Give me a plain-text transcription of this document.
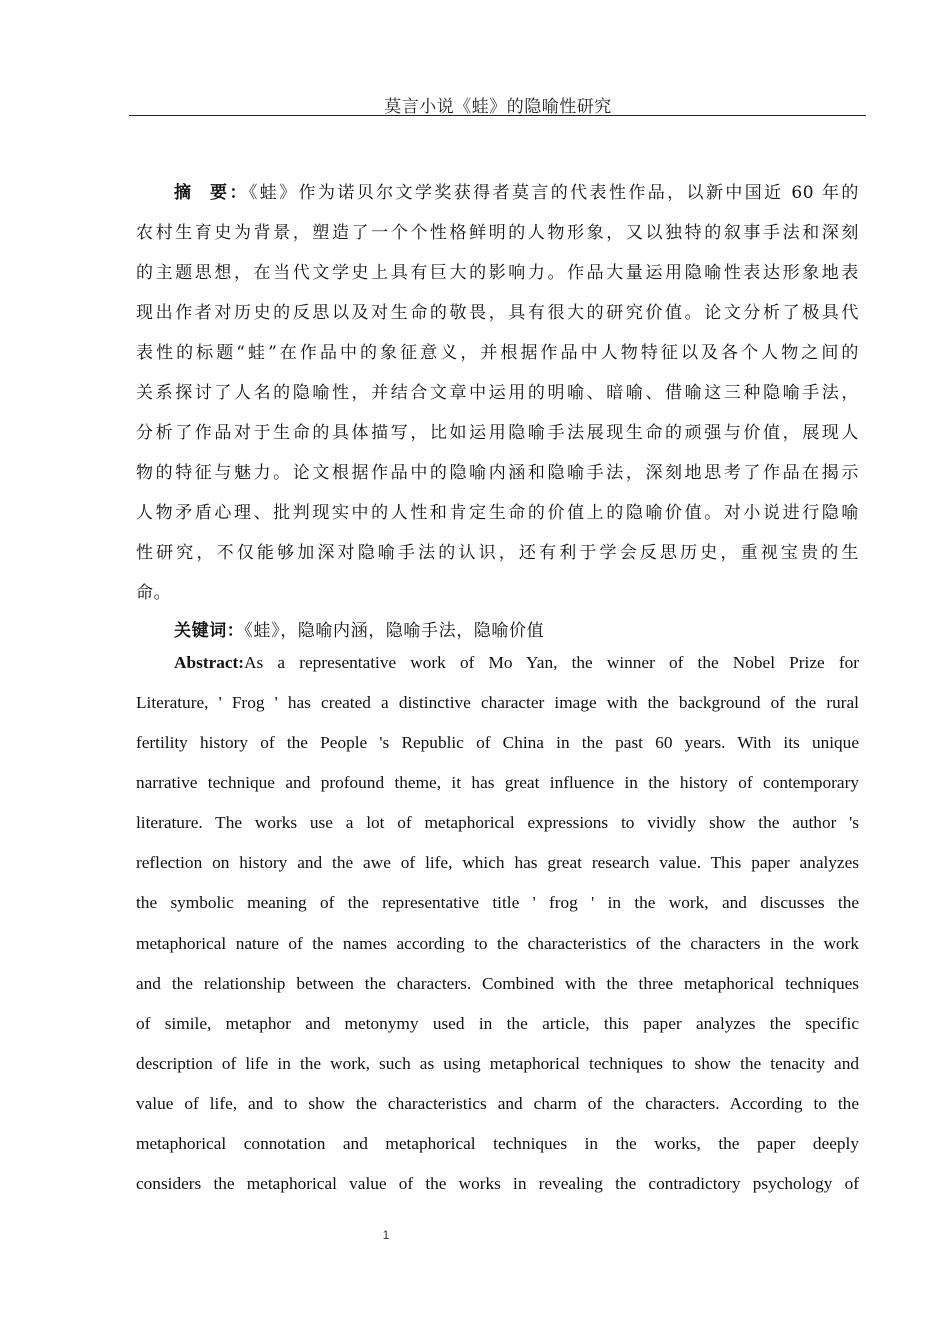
莫言小说《蛙》的隐喻性研究
摘  要：《蛙》作为诺贝尔文学奖获得者莫言的代表性作品，以新中国近 60 年的
农村生育史为背景，塑造了一个个性格鲜明的人物形象，又以独特的叙事手法和深刻
的主题思想，在当代文学史上具有巨大的影响力。作品大量运用隐喻性表达形象地表
现出作者对历史的反思以及对生命的敬畏，具有很大的研究价值。论文分析了极具代
表性的标题“蛙”在作品中的象征意义，并根据作品中人物特征以及各个人物之间的
关系探讨了人名的隐喻性，并结合文章中运用的明喻、暗喻、借喻这三种隐喻手法，
分析了作品对于生命的具体描写，比如运用隐喻手法展现生命的顽强与价值，展现人
物的特征与魅力。论文根据作品中的隐喻内涵和隐喻手法，深刻地思考了作品在揭示
人物矛盾心理、批判现实中的人性和肯定生命的价值上的隐喻价值。对小说进行隐喻
性研究，不仅能够加深对隐喻手法的认识，还有利于学会反思历史，重视宝贵的生
命。
关键词：《蛙》，隐喻内涵，隐喻手法，隐喻价值
Abstract:As a representative work of Mo Yan, the winner of the Nobel Prize for
Literature, ' Frog ' has created a distinctive character image with the background of the rural
fertility history of the People 's Republic of China in the past 60 years. With its unique
narrative technique and profound theme, it has great influence in the history of contemporary
literature. The works use a lot of metaphorical expressions to vividly show the author 's
reflection on history and the awe of life, which has great research value. This paper analyzes
the symbolic meaning of the representative title ' frog ' in the work, and discusses the
metaphorical nature of the names according to the characteristics of the characters in the work
and the relationship between the characters. Combined with the three metaphorical techniques
of simile, metaphor and metonymy used in the article, this paper analyzes the specific
description of life in the work, such as using metaphorical techniques to show the tenacity and
value of life, and to show the characteristics and charm of the characters. According to the
metaphorical connotation and metaphorical techniques in the works, the paper deeply
considers the metaphorical value of the works in revealing the contradictory psychology of
1
